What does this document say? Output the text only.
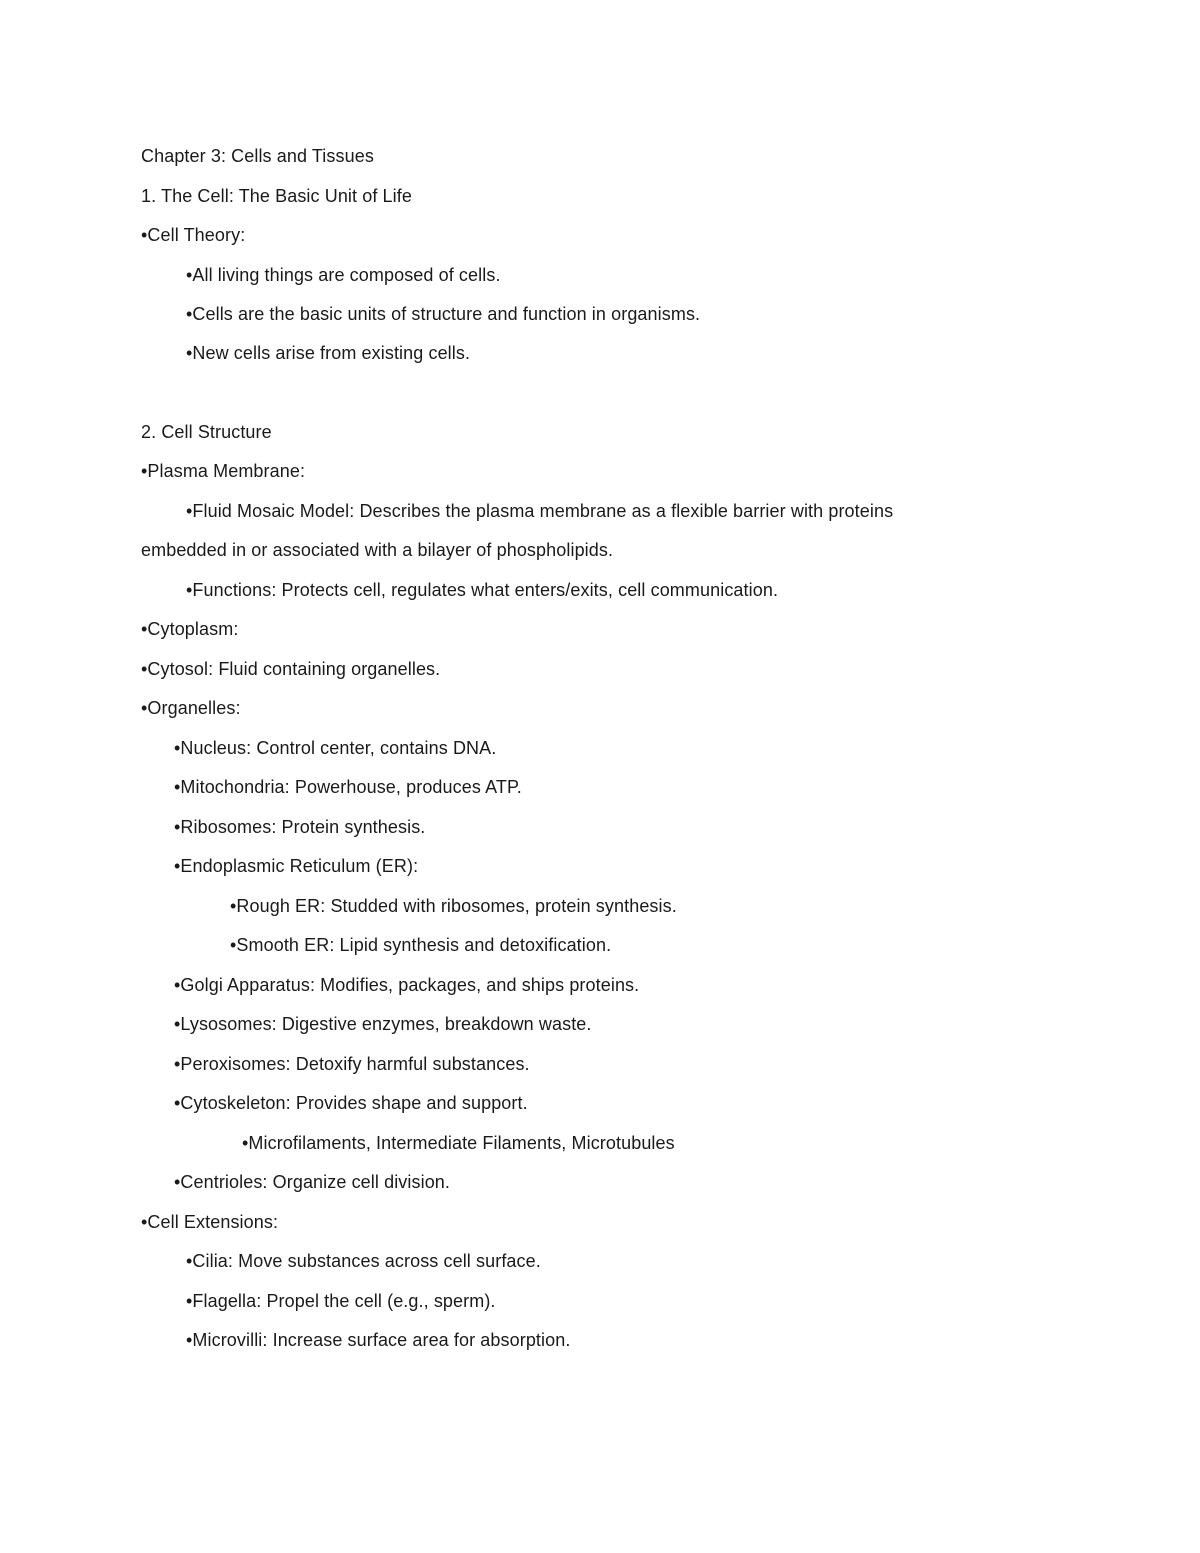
Chapter 3: Cells and Tissues
1. The Cell: The Basic Unit of Life
•Cell Theory:
•All living things are composed of cells.
•Cells are the basic units of structure and function in organisms.
•New cells arise from existing cells.
2. Cell Structure
•Plasma Membrane:
•Fluid Mosaic Model: Describes the plasma membrane as a flexible barrier with proteins
embedded in or associated with a bilayer of phospholipids.
•Functions: Protects cell, regulates what enters/exits, cell communication.
•Cytoplasm:
•Cytosol: Fluid containing organelles.
•Organelles:
•Nucleus: Control center, contains DNA.
•Mitochondria: Powerhouse, produces ATP.
•Ribosomes: Protein synthesis.
•Endoplasmic Reticulum (ER):
•Rough ER: Studded with ribosomes, protein synthesis.
•Smooth ER: Lipid synthesis and detoxification.
•Golgi Apparatus: Modifies, packages, and ships proteins.
•Lysosomes: Digestive enzymes, breakdown waste.
•Peroxisomes: Detoxify harmful substances.
•Cytoskeleton: Provides shape and support.
•Microfilaments, Intermediate Filaments, Microtubules
•Centrioles: Organize cell division.
•Cell Extensions:
•Cilia: Move substances across cell surface.
•Flagella: Propel the cell (e.g., sperm).
•Microvilli: Increase surface area for absorption.
